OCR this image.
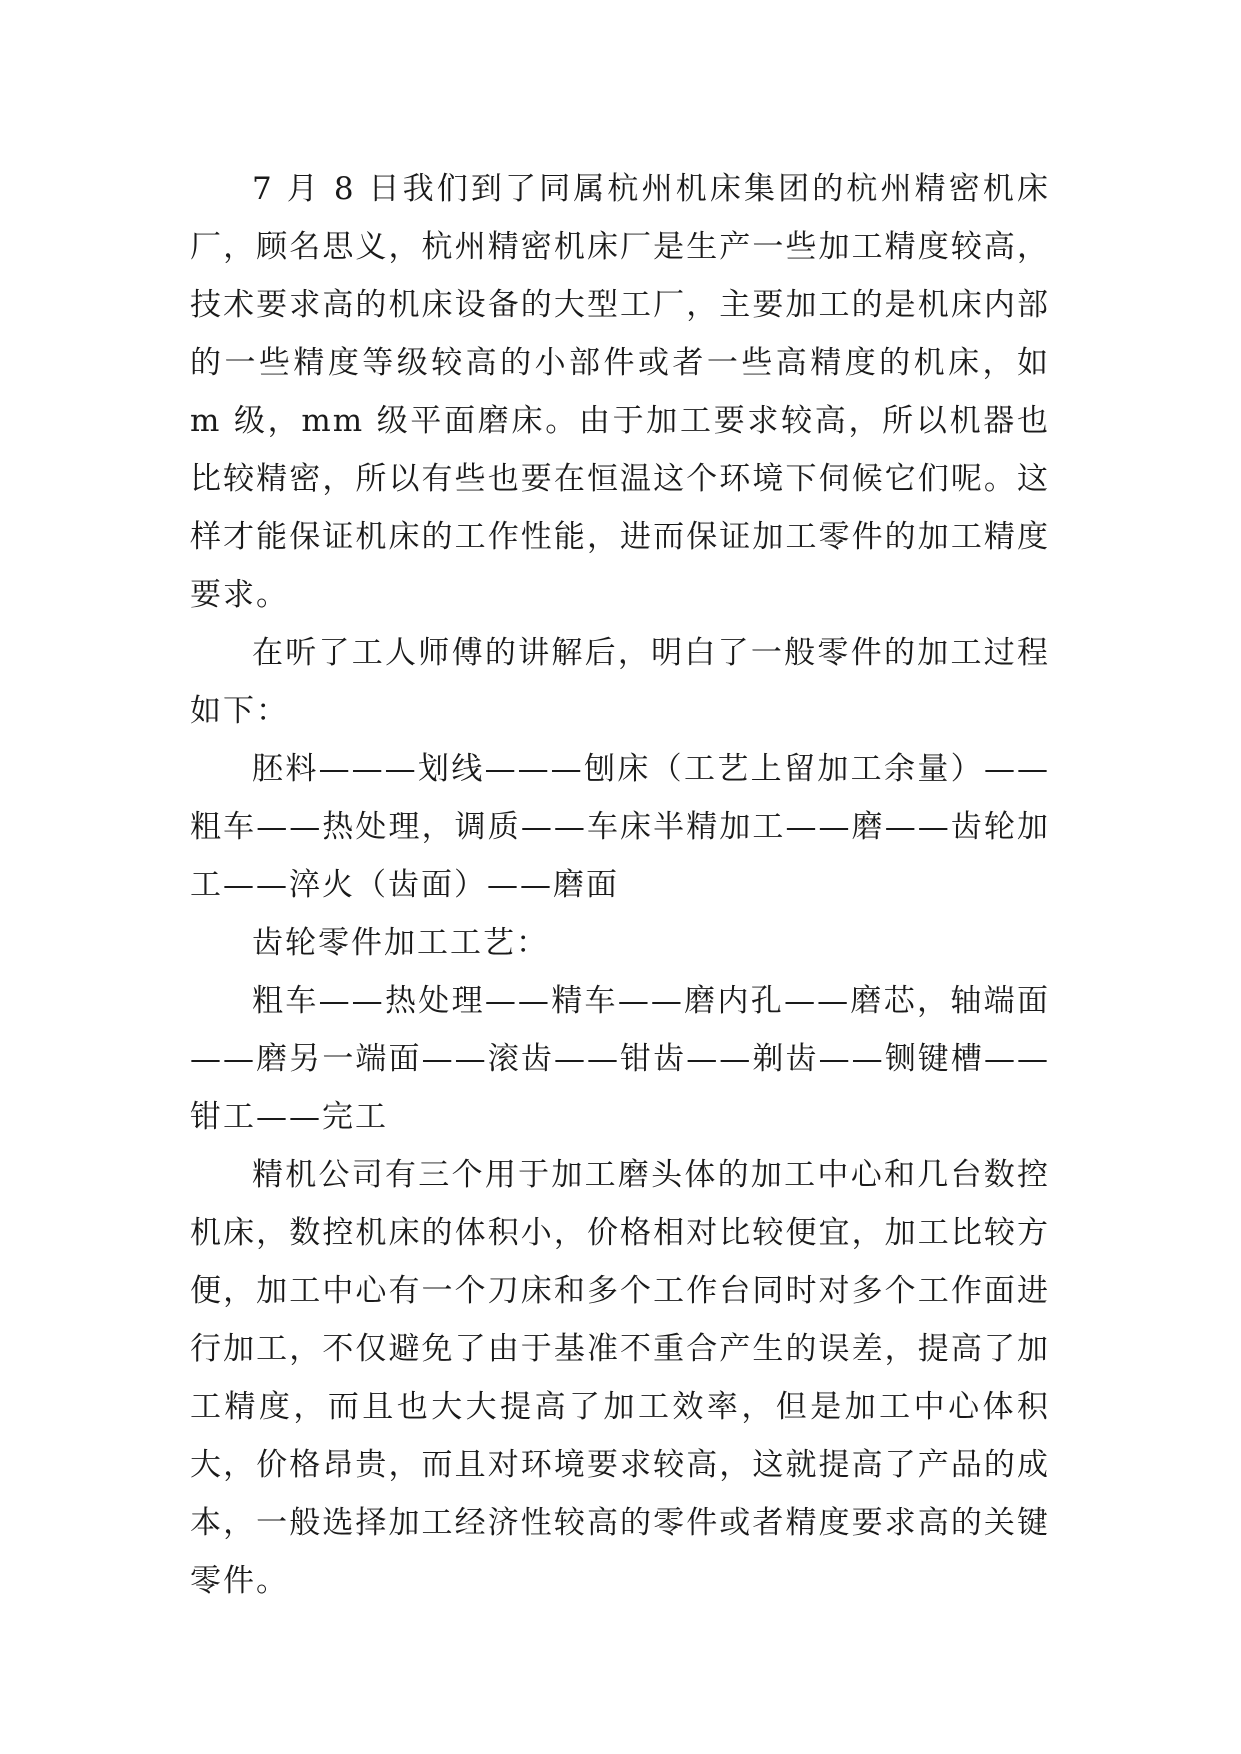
7 月 8 日我们到了同属杭州机床集团的杭州精密机床厂，顾名思义，杭州精密机床厂是生产一些加工精度较高，技术要求高的机床设备的大型工厂，主要加工的是机床内部的一些精度等级较高的小部件或者一些高精度的机床，如 m 级，mm 级平面磨床。由于加工要求较高，所以机器也比较精密，所以有些也要在恒温这个环境下伺候它们呢。这样才能保证机床的工作性能，进而保证加工零件的加工精度要求。

在听了工人师傅的讲解后，明白了一般零件的加工过程如下：

胚料———划线———刨床（工艺上留加工余量）——粗车——热处理，调质——车床半精加工——磨——齿轮加工——淬火（齿面）——磨面

齿轮零件加工工艺：

粗车——热处理——精车——磨内孔——磨芯，轴端面——磨另一端面——滚齿——钳齿——剃齿——铡键槽——钳工——完工

精机公司有三个用于加工磨头体的加工中心和几台数控机床，数控机床的体积小，价格相对比较便宜，加工比较方便，加工中心有一个刀床和多个工作台同时对多个工作面进行加工，不仅避免了由于基准不重合产生的误差，提高了加工精度，而且也大大提高了加工效率，但是加工中心体积大，价格昂贵，而且对环境要求较高，这就提高了产品的成本，一般选择加工经济性较高的零件或者精度要求高的关键零件。
